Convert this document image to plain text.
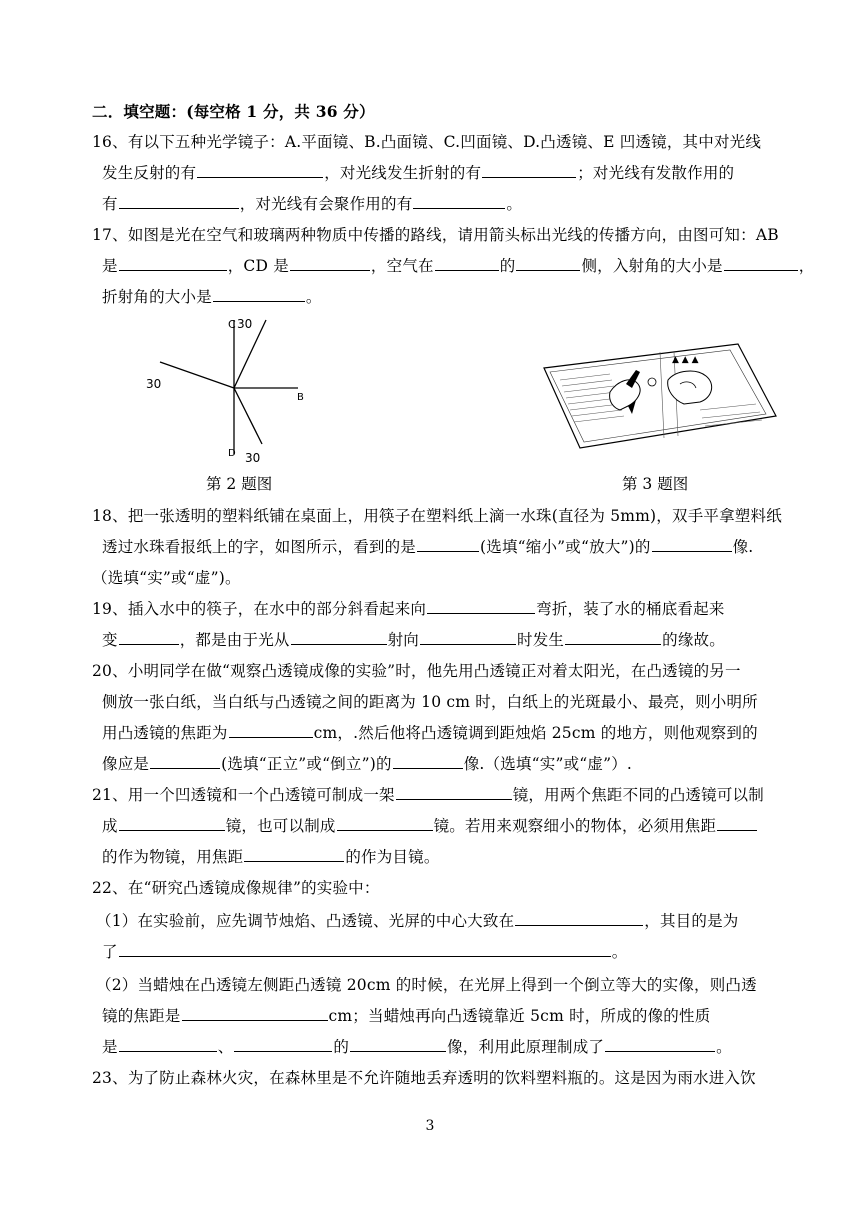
二．填空题：(每空格 1 分，共 36 分）
16、有以下五种光学镜子：A.平面镜、B.凸面镜、C.凹面镜、D.凸透镜、E 凹透镜，其中对光线
发生反射的有	，对光线发生折射的有	；对光线有发散作用的
有	，对光线有会聚作用的有	。
17、如图是光在空气和玻璃两种物质中传播的路线，请用箭头标出光线的传播方向，由图可知：AB
是	，CD 是	，空气在	的	侧，入射角的大小是	，
折射角的大小是	。
C 30
30
B
D 30
第 2 题图
▲ ▲ ▲
第 3 题图
18、把一张透明的塑料纸铺在桌面上，用筷子在塑料纸上滴一水珠(直径为 5mm)，双手平拿塑料纸
透过水珠看报纸上的字，如图所示，看到的是	(选填“缩小”或“放大”)的	像.
（选填“实”或“虚”)。
19、插入水中的筷子，在水中的部分斜看起来向	弯折，装了水的桶底看起来
变	，都是由于光从	射向	时发生	的缘故。
20、小明同学在做“观察凸透镜成像的实验”时，他先用凸透镜正对着太阳光，在凸透镜的另一
侧放一张白纸，当白纸与凸透镜之间的距离为 10 cm 时，白纸上的光斑最小、最亮，则小明所
用凸透镜的焦距为	cm，.然后他将凸透镜调到距烛焰 25cm 的地方，则他观察到的
像应是	(选填“正立”或“倒立”)的	像.（选填“实”或“虚”）.
21、用一个凹透镜和一个凸透镜可制成一架	镜，用两个焦距不同的凸透镜可以制
成	镜，也可以制成	镜。若用来观察细小的物体，必须用焦距
的作为物镜，用焦距	的作为目镜。
22、在“研究凸透镜成像规律”的实验中：
（1）在实验前，应先调节烛焰、凸透镜、光屏的中心大致在	，其目的是为
了	。
（2）当蜡烛在凸透镜左侧距凸透镜 20cm 的时候，在光屏上得到一个倒立等大的实像，则凸透
镜的焦距是	cm；当蜡烛再向凸透镜靠近 5cm 时，所成的像的性质
是	、	的	像，利用此原理制成了	。
23、为了防止森林火灾，在森林里是不允许随地丢弃透明的饮料塑料瓶的。这是因为雨水进入饮
3
